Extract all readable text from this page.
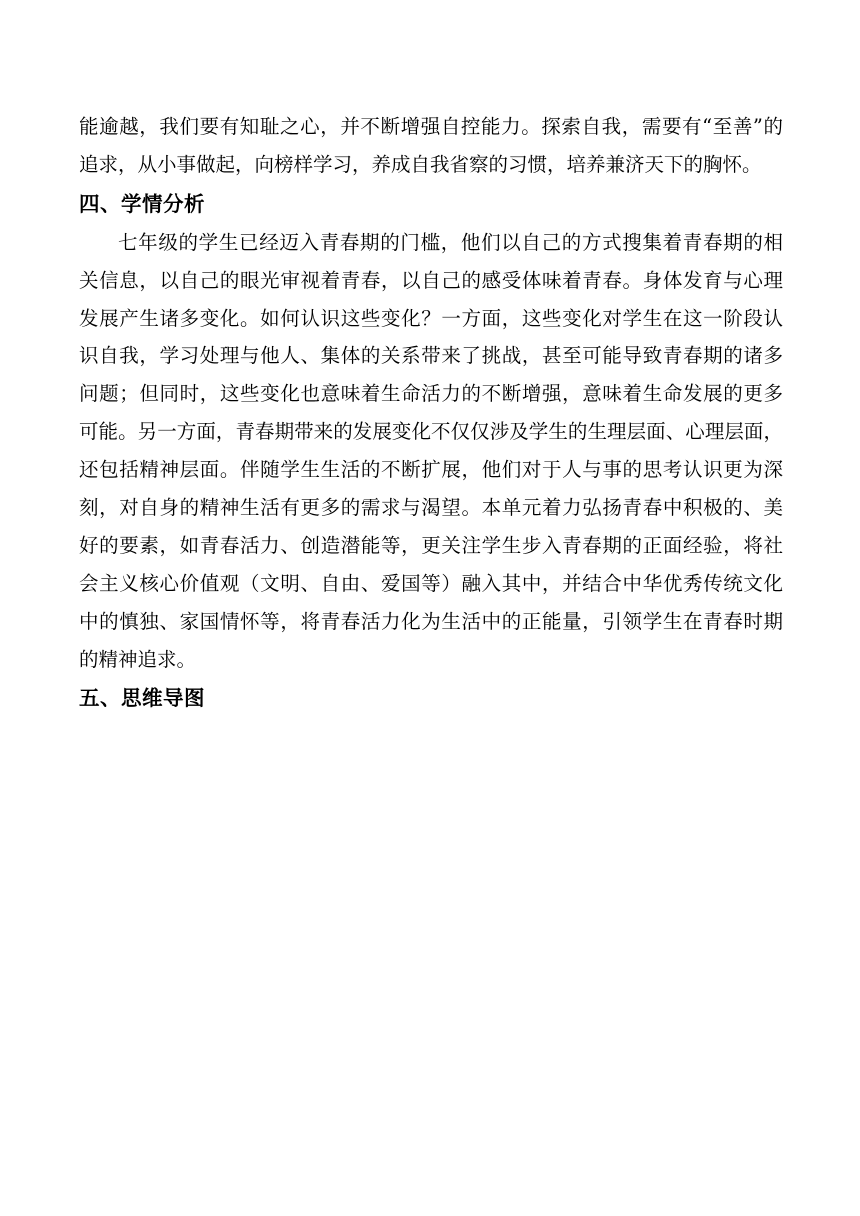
能逾越，我们要有知耻之心，并不断增强自控能力。探索自我，需要有“至善”的
追求，从小事做起，向榜样学习，养成自我省察的习惯，培养兼济天下的胸怀。
四、学情分析
七年级的学生已经迈入青春期的门槛，他们以自己的方式搜集着青春期的相
关信息，以自己的眼光审视着青春，以自己的感受体味着青春。身体发育与心理
发展产生诸多变化。如何认识这些变化？一方面，这些变化对学生在这一阶段认
识自我，学习处理与他人、集体的关系带来了挑战，甚至可能导致青春期的诸多
问题；但同时，这些变化也意味着生命活力的不断增强，意味着生命发展的更多
可能。另一方面，青春期带来的发展变化不仅仅涉及学生的生理层面、心理层面，
还包括精神层面。伴随学生生活的不断扩展，他们对于人与事的思考认识更为深
刻，对自身的精神生活有更多的需求与渴望。本单元着力弘扬青春中积极的、美
好的要素，如青春活力、创造潜能等，更关注学生步入青春期的正面经验，将社
会主义核心价值观（文明、自由、爱国等）融入其中，并结合中华优秀传统文化
中的慎独、家国情怀等，将青春活力化为生活中的正能量，引领学生在青春时期
的精神追求。
五、思维导图
